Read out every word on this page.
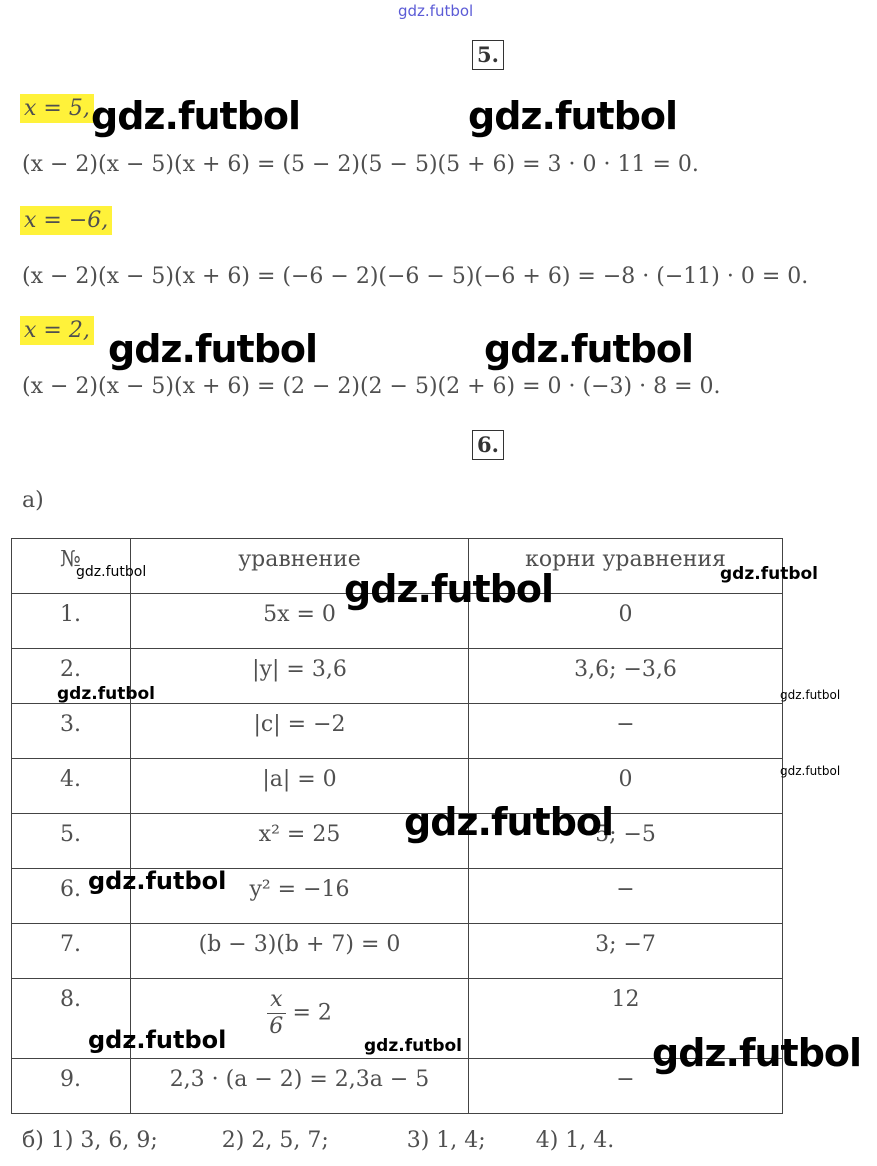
gdz.futbol
5.
x = 5,
(x − 2)(x − 5)(x + 6) = (5 − 2)(5 − 5)(5 + 6) = 3 · 0 · 11 = 0.
x = −6,
(x − 2)(x − 5)(x + 6) = (−6 − 2)(−6 − 5)(−6 + 6) = −8 · (−11) · 0 = 0.
x = 2,
(x − 2)(x − 5)(x + 6) = (2 − 2)(2 − 5)(2 + 6) = 0 · (−3) · 8 = 0.
6.
а)
№	уравнение	корни уравнения
1.	5x = 0	0
2.	|y| = 3,6	3,6; −3,6
3.	|c| = −2	−
4.	|a| = 0	0
5.	x² = 25	5; −5
6.	y² = −16	−
7.	(b − 3)(b + 7) = 0	3; −7
8.	$\frac{x}{6} = 2$	12
9.	2,3 · (a − 2) = 2,3a − 5	−
б) 1) 3, 6, 9;	2) 2, 5, 7;	3) 1, 4; 4) 1, 4.
gdz.futbol	gdz.futbol
gdz.futbol	gdz.futbol
gdz.futbol
gdz.futbol
gdz.futbol
gdz.futbol
gdz.futbol
gdz.futbol	gdz.futbol
gdz.futbol
gdz.futbol
gdz.futbol	gdz.futbol
